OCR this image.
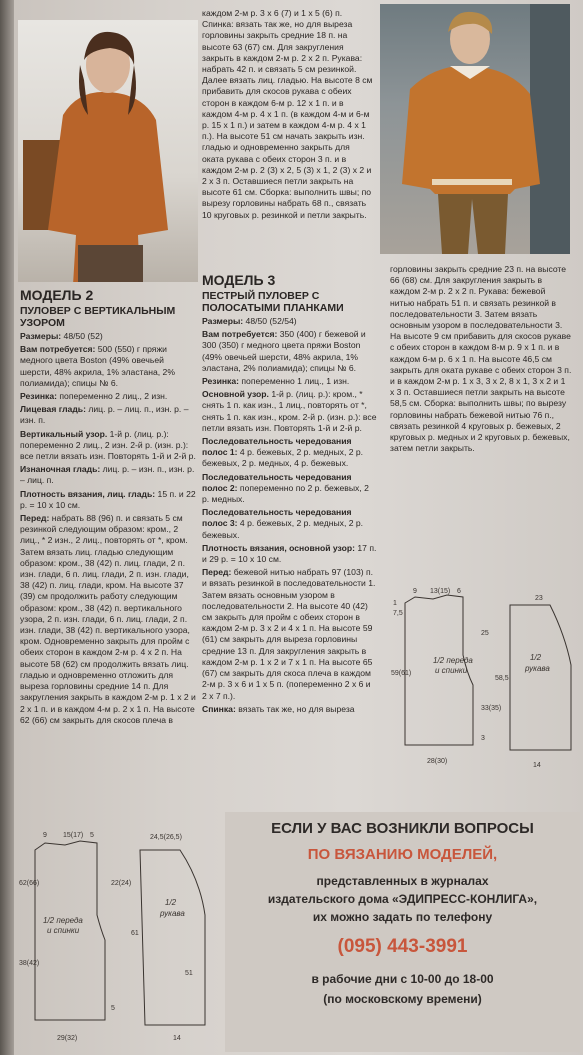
МОДЕЛЬ 2

ПУЛОВЕР С ВЕРТИКАЛЬНЫМ УЗОРОМ

Размеры: 48/50 (52)

Вам потребуется: 500 (550) г пряжи медного цвета Boston (49% овечьей шерсти, 48% акрила, 1% эластана, 2% полиамида); спицы № 6.

Резинка: попеременно 2 лиц., 2 изн.

Лицевая гладь: лиц. р. – лиц. п., изн. р. – изн. п.

Вертикальный узор. 1-й р. (лиц. р.): попеременно 2 лиц., 2 изн. 2-й р. (изн. р.): все петли вязать изн. Повторять 1-й и 2-й р.

Изнаночная гладь: лиц. р. – изн. п., изн. р. – лиц. п.

Плотность вязания, лиц. гладь: 15 п. и 22 р. = 10 x 10 см.

Перед: набрать 88 (96) п. и связать 5 см резинкой следующим образом: кром., 2 лиц., * 2 изн., 2 лиц., повторять от *, кром. Затем вязать лиц. гладью следующим образом: кром., 38 (42) п. лиц. глади, 2 п. изн. глади, 6 п. лиц. глади, 2 п. изн. глади, 38 (42) п. лиц. глади, кром. На высоте 37 (39) см продолжить работу следующим образом: кром., 38 (42) п. вертикального узора, 2 п. изн. глади, 6 п. лиц. глади, 2 п. изн. глади, 38 (42) п. вертикального узора, кром. Одновременно закрыть для пройм с обеих сторон в каждом 2-м р. 4 x 2 п. На высоте 58 (62) см продолжить вязать лиц. гладью и одновременно отложить для выреза горловины средние 14 п. Для закругления закрыть в каждом 2-м р. 1 x 2 и 2 x 1 п. и в каждом 4-м р. 2 x 1 п. На высоте 62 (66) см закрыть для скосов плеча в

каждом 2-м р. 3 x 6 (7) и 1 x 5 (6) п. Спинка: вязать так же, но для выреза горловины закрыть средние 18 п. на высоте 63 (67) см. Для закругления закрыть в каждом 2-м р. 2 x 2 п. Рукава: набрать 42 п. и связать 5 см резинкой. Далее вязать лиц. гладью. На высоте 8 см прибавить для скосов рукава с обеих сторон в каждом 6-м р. 12 x 1 п. и в каждом 4-м р. 4 x 1 п. (в каждом 4-м и 6-м р. 15 x 1 п.) и затем в каждом 4-м р. 4 x 1 п.). На высоте 51 см начать закрыть изн. гладью и одновременно закрыть для оката рукава с обеих сторон 3 п. и в каждом 2-м р. 2 (3) x 2, 5 (3) x 1, 2 (3) x 2 и 2 x 3 п. Оставшиеся петли закрыть на высоте 61 см. Сборка: выполнить швы; по вырезу горловины набрать 68 п., связать 10 круговых р. резинкой и петли закрыть.

МОДЕЛЬ 3

ПЕСТРЫЙ ПУЛОВЕР С ПОЛОСАТЫМИ ПЛАНКАМИ

Размеры: 48/50 (52/54)

Вам потребуется: 350 (400) г бежевой и 300 (350) г медного цвета пряжи Boston (49% овечьей шерсти, 48% акрила, 1% эластана, 2% полиамида); спицы № 6.

Резинка: попеременно 1 лиц., 1 изн.

Основной узор. 1-й р. (лиц. р.): кром., * снять 1 п. как изн., 1 лиц., повторять от *, снять 1 п. как изн., кром. 2-й р. (изн. р.): все петли вязать изн. Повторять 1-й и 2-й р.

Последовательность чередования полос 1: 4 р. бежевых, 2 р. медных, 2 р. бежевых, 2 р. медных, 4 р. бежевых.

Последовательность чередования полос 2: попеременно по 2 р. бежевых, 2 р. медных.

Последовательность чередования полос 3: 4 р. бежевых, 2 р. медных, 2 р. бежевых.

Плотность вязания, основной узор: 17 п. и 29 р. = 10 x 10 см.

Перед: бежевой нитью набрать 97 (103) п. и вязать резинкой в последовательности 1. Затем вязать основным узором в последовательности 2. На высоте 40 (42) см закрыть для пройм с обеих сторон в каждом 2-м р. 3 x 2 и 4 x 1 п. На высоте 59 (61) см закрыть для выреза горловины средние 13 п. Для закругления закрыть в каждом 2-м р. 1 x 2 и 7 x 1 п. На высоте 65 (67) см закрыть для скоса плеча в каждом 2-м р. 3 x 6 и 1 x 5 п. (попеременно 2 x 6 и 2 x 7 п.).

Спинка: вязать так же, но для выреза

горловины закрыть средние 23 п. на высоте 66 (68) см. Для закругления закрыть в каждом 2-м р. 2 x 2 п. Рукава: бежевой нитью набрать 51 п. и связать резинкой в последовательности 3. Затем вязать основным узором в последовательности 3. На высоте 9 см прибавить для скосов рукаве с обеих сторон в каждом 8-м р. 9 x 1 п. и в каждом 6-м р. 6 x 1 п. На высоте 46,5 см закрыть для оката рукаве с обеих сторон 3 п. и в каждом 2-м р. 1 x 3, 3 x 2, 8 x 1, 3 x 2 и 1 x 3 п. Оставшиеся петли закрыть на высоте 58,5 см. Сборка: выполнить швы; по вырезу горловины набрать бежевой нитью 76 п., связать резинкой 4 круговых р. бежевых, 2 круговых р. медных и 2 круговых р. бежевых, затем петли закрыть.

1/2 переда
и спинки
1/2
рукава
9 13(15) 6
28(30)
23
14
58,5
1
7,5
59(61)
25
33(35)
3
1/2 переда
и спинки
1/2
рукава
9 15(17) 5
29(32)
24,5(26,5)
14
62(66)
38(42)
22(24)
61
5
51
ЕСЛИ У ВАС ВОЗНИКЛИ ВОПРОСЫ
ПО ВЯЗАНИЮ МОДЕЛЕЙ,
представленных в журналах
издательского дома «ЭДИПРЕСС-КОНЛИГА»,
их можно задать по телефону
(095) 443-3991
в рабочие дни с 10-00 до 18-00
(по московскому времени)
